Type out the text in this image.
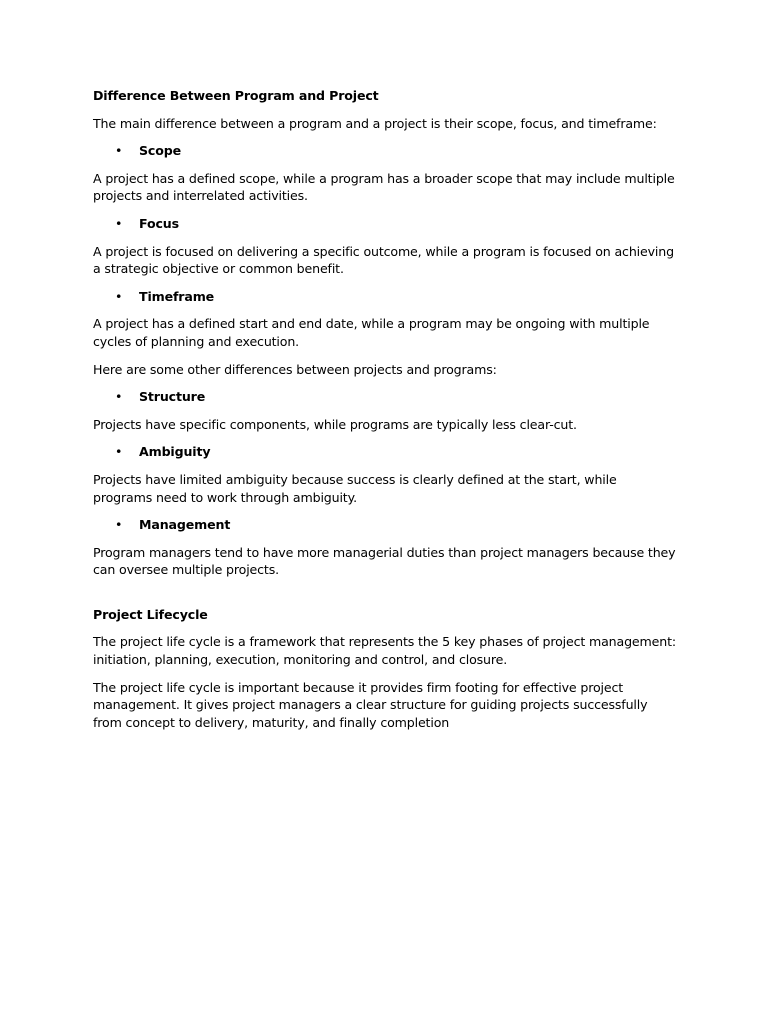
Difference Between Program and Project
The main difference between a program and a project is their scope, focus, and timeframe:
•	Scope
A project has a defined scope, while a program has a broader scope that may include multiple projects and interrelated activities.
•	Focus
A project is focused on delivering a specific outcome, while a program is focused on achieving a strategic objective or common benefit.
•	Timeframe
A project has a defined start and end date, while a program may be ongoing with multiple cycles of planning and execution.
Here are some other differences between projects and programs:
•	Structure
Projects have specific components, while programs are typically less clear-cut.
•	Ambiguity
Projects have limited ambiguity because success is clearly defined at the start, while programs need to work through ambiguity.
•	Management
Program managers tend to have more managerial duties than project managers because they can oversee multiple projects.
Project Lifecycle
The project life cycle is a framework that represents the 5 key phases of project management: initiation, planning, execution, monitoring and control, and closure.
The project life cycle is important because it provides firm footing for effective project management. It gives project managers a clear structure for guiding projects successfully from concept to delivery, maturity, and finally completion
